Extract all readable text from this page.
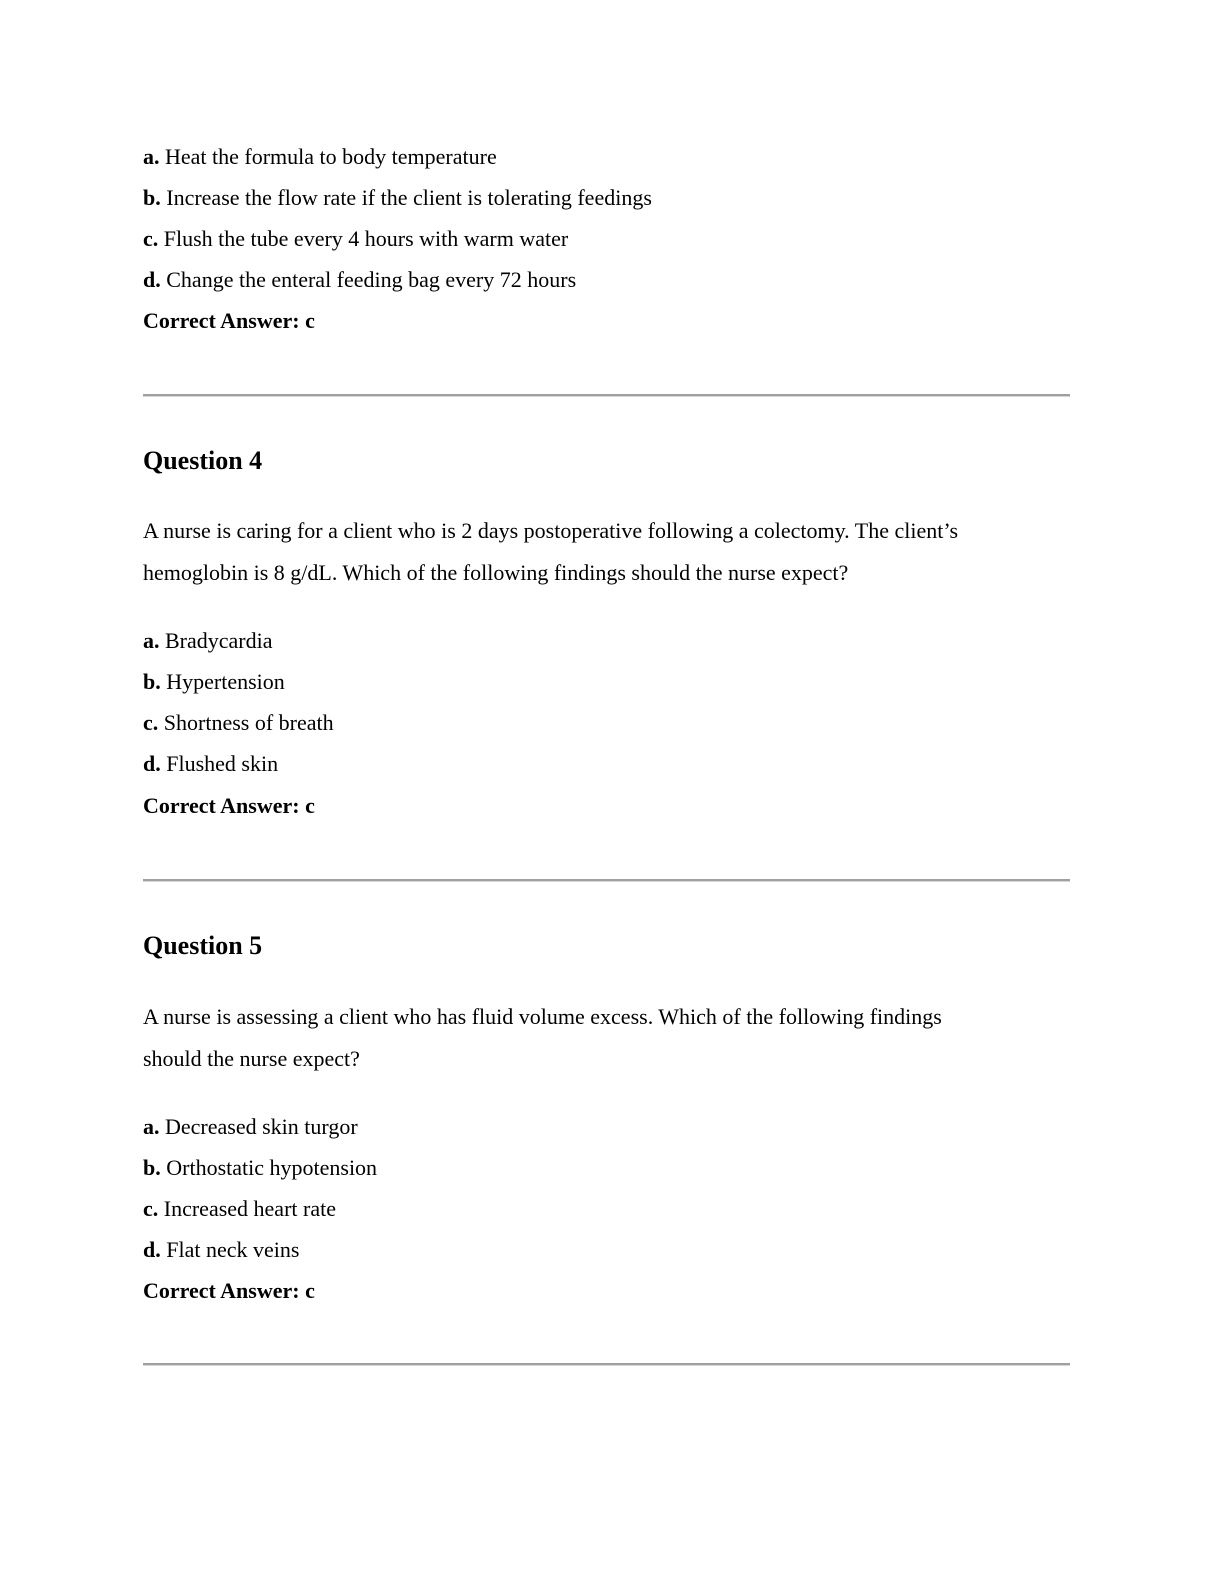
a. Heat the formula to body temperature
b. Increase the flow rate if the client is tolerating feedings
c. Flush the tube every 4 hours with warm water
d. Change the enteral feeding bag every 72 hours
Correct Answer: c
Question 4
A nurse is caring for a client who is 2 days postoperative following a colectomy. The client’s
hemoglobin is 8 g/dL. Which of the following findings should the nurse expect?
a. Bradycardia
b. Hypertension
c. Shortness of breath
d. Flushed skin
Correct Answer: c
Question 5
A nurse is assessing a client who has fluid volume excess. Which of the following findings
should the nurse expect?
a. Decreased skin turgor
b. Orthostatic hypotension
c. Increased heart rate
d. Flat neck veins
Correct Answer: c
